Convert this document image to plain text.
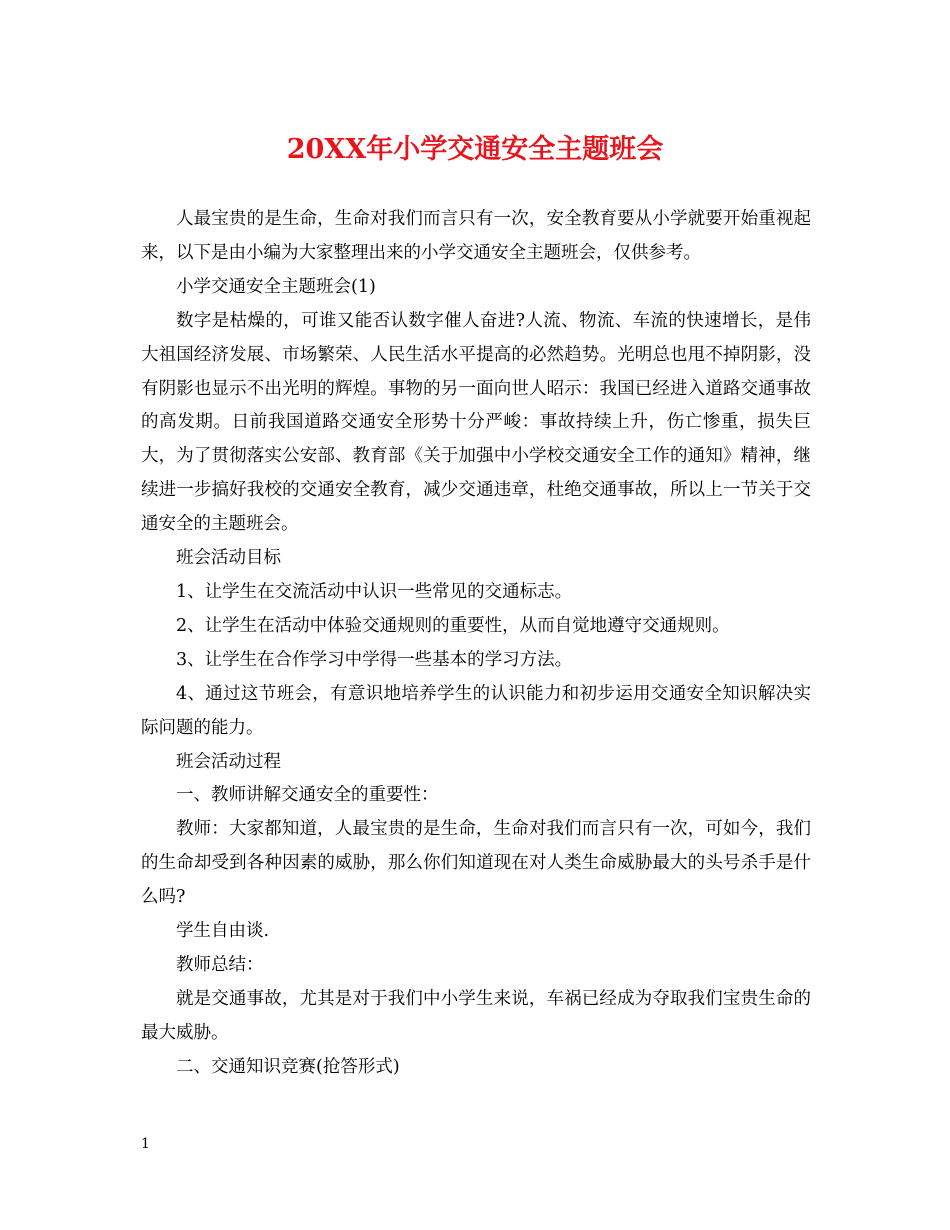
20XX年小学交通安全主题班会

人最宝贵的是生命，生命对我们而言只有一次，安全教育要从小学就要开始重视起来，以下是由小编为大家整理出来的小学交通安全主题班会，仅供参考。

小学交通安全主题班会(1)

数字是枯燥的，可谁又能否认数字催人奋进?人流、物流、车流的快速增长，是伟大祖国经济发展、市场繁荣、人民生活水平提高的必然趋势。光明总也甩不掉阴影，没有阴影也显示不出光明的辉煌。事物的另一面向世人昭示：我国已经进入道路交通事故的高发期。日前我国道路交通安全形势十分严峻：事故持续上升，伤亡惨重，损失巨大，为了贯彻落实公安部、教育部《关于加强中小学校交通安全工作的通知》精神，继续进一步搞好我校的交通安全教育，减少交通违章，杜绝交通事故，所以上一节关于交通安全的主题班会。

班会活动目标

1、让学生在交流活动中认识一些常见的交通标志。

2、让学生在活动中体验交通规则的重要性，从而自觉地遵守交通规则。

3、让学生在合作学习中学得一些基本的学习方法。

4、通过这节班会，有意识地培养学生的认识能力和初步运用交通安全知识解决实际问题的能力。

班会活动过程

一、教师讲解交通安全的重要性：

教师：大家都知道，人最宝贵的是生命，生命对我们而言只有一次，可如今，我们的生命却受到各种因素的威胁，那么你们知道现在对人类生命威胁最大的头号杀手是什么吗?

学生自由谈.

教师总结：

就是交通事故，尤其是对于我们中小学生来说，车祸已经成为夺取我们宝贵生命的最大威胁。

二、交通知识竞赛(抢答形式)

1
